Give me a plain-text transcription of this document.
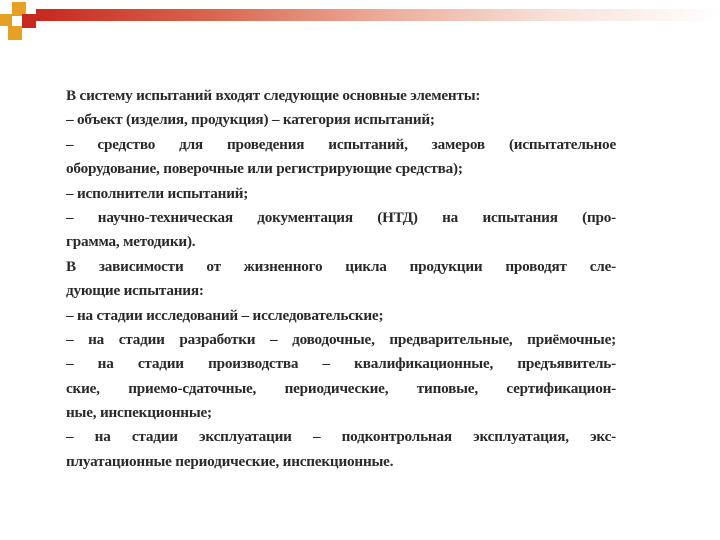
В систему испытаний входят следующие основные элементы:
– объект (изделия, продукция) – категория испытаний;
– средство для проведения испытаний, замеров (испытательное
оборудование, поверочные или регистрирующие средства);
– исполнители испытаний;
– научно-техническая документация (НТД) на испытания (про-
грамма, методики).
В зависимости от жизненного цикла продукции проводят сле-
дующие испытания:
– на стадии исследований – исследовательские;
– на стадии разработки – доводочные, предварительные, приёмочные;
– на стадии производства – квалификационные, предъявитель-
ские, приемо-сдаточные, периодические, типовые, сертификацион-
ные, инспекционные;
– на стадии эксплуатации – подконтрольная эксплуатация, экс-
плуатационные периодические, инспекционные.
